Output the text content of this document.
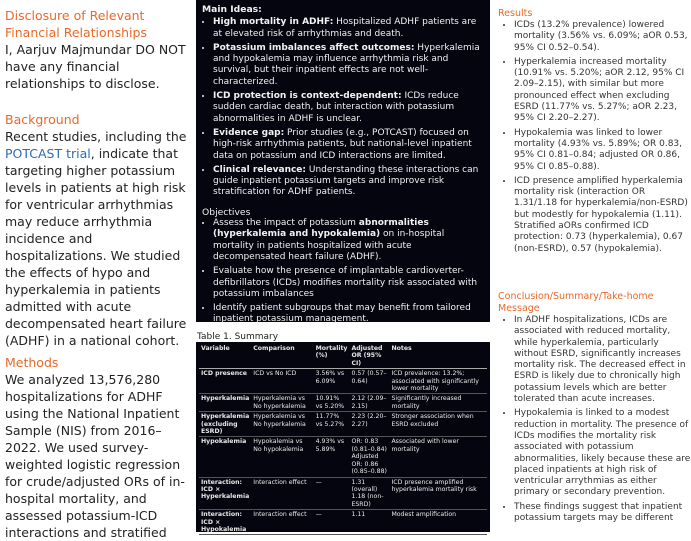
Disclosure of Relevant Financial Relationships

I, Aarjuv Majmundar DO NOT have any financial relationships to disclose.

Background

Recent studies, including the POTCAST trial, indicate that targeting higher potassium levels in patients at high risk for ventricular arrhythmias may reduce arrhythmia incidence and hospitalizations. We studied the effects of hypo and hyperkalemia in patients admitted with acute decompensated heart failure (ADHF) in a national cohort.

Methods

We analyzed 13,576,280 hospitalizations for ADHF using the National Inpatient Sample (NIS) from 2016–2022. We used survey-weighted logistic regression for crude/adjusted ORs of in-hospital mortality, and assessed potassium-ICD interactions and stratified

Main Ideas:
• High mortality in ADHF: Hospitalized ADHF patients are at elevated risk of arrhythmias and death.
• Potassium imbalances affect outcomes: Hyperkalemia and hypokalemia may influence arrhythmia risk and survival, but their inpatient effects are not well-characterized.
• ICD protection is context-dependent: ICDs reduce sudden cardiac death, but interaction with potassium abnormalities in ADHF is unclear.
• Evidence gap: Prior studies (e.g., POTCAST) focused on high-risk arrhythmia patients, but national-level inpatient data on potassium and ICD interactions are limited.
• Clinical relevance: Understanding these interactions can guide inpatient potassium targets and improve risk stratification for ADHF patients.
Objectives
• Assess the impact of potassium abnormalities (hyperkalemia and hypokalemia) on in-hospital mortality in patients hospitalized with acute decompensated heart failure (ADHF).
• Evaluate how the presence of implantable cardioverter-defibrillators (ICDs) modifies mortality risk associated with potassium imbalances
• Identify patient subgroups that may benefit from tailored inpatient potassium management.
Table 1. Summary
Variable	Comparison	Mortality (%)	Adjusted OR (95% CI)	Notes
ICD presence	ICD vs No ICD	3.56% vs 6.09%	0.57 (0.57–0.64)	ICD prevalence: 13.2%; associated with significantly lower mortality
Hyperkalemia	Hyperkalemia vs No hyperkalemia	10.91% vs 5.20%	2.12 (2.09–2.15)	Significantly increased mortality
Hyperkalemia (excluding ESRD)	Hyperkalemia vs No hyperkalemia	11.77% vs 5.27%	2.23 (2.20–2.27)	Stronger association when ESRD excluded
Hypokalemia	Hypokalemia vs No hypokalemia	4.93% vs 5.89%	OR: 0.83 (0.81–0.84) Adjusted OR: 0.86 (0.85–0.88)	Associated with lower mortality
Interaction: ICD × Hyperkalemia	Interaction effect	—	1.31 (overall) 1.18 (non-ESRD)	ICD presence amplified hyperkalemia mortality risk
Interaction: ICD × Hypokalemia	Interaction effect	—	1.11	Modest amplification
Results
• ICDs (13.2% prevalence) lowered mortality (3.56% vs. 6.09%; aOR 0.53, 95% CI 0.52–0.54).
• Hyperkalemia increased mortality (10.91% vs. 5.20%; aOR 2.12, 95% CI 2.09–2.15), with similar but more pronounced effect when excluding ESRD (11.77% vs. 5.27%; aOR 2.23, 95% CI 2.20–2.27).
• Hypokalemia was linked to lower mortality (4.93% vs. 5.89%; OR 0.83, 95% CI 0.81–0.84; adjusted OR 0.86, 95% CI 0.85–0.88).
• ICD presence amplified hyperkalemia mortality risk (interaction OR 1.31/1.18 for hyperkalemia/non-ESRD) but modestly for hypokalemia (1.11). Stratified aORs confirmed ICD protection: 0.73 (hyperkalemia), 0.67 (non-ESRD), 0.57 (hypokalemia).
Conclusion/Summary/Take-home Message
• In ADHF hospitalizations, ICDs are associated with reduced mortality, while hyperkalemia, particularly without ESRD, significantly increases mortality risk. The decreased effect in ESRD is likely due to chronically high potassium levels which are better tolerated than acute increases.
• Hypokalemia is linked to a modest reduction in mortality. The presence of ICDs modifies the mortality risk associated with potassium abnormalities, likely because these are placed inpatients at high risk of ventricular arrythmias as either primary or secondary prevention.
• These findings suggest that inpatient potassium targets may be different
